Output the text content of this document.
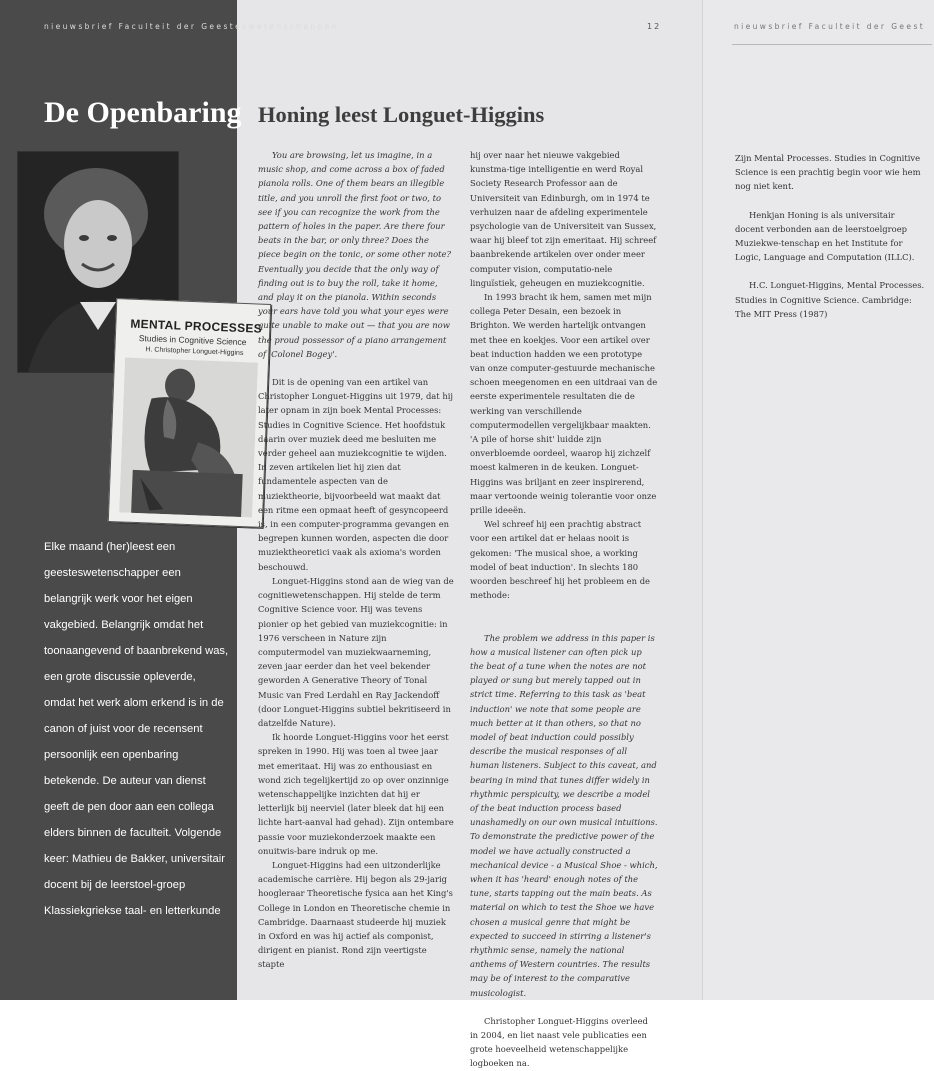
nieuwsbrief Faculteit der Geesteswetenschappen	12	nieuwsbrief Faculteit der Geest
De Openbaring Honing leest Longuet-Higgins
MENTAL PROCESSES
Studies in Cognitive Science
H. Christopher Longuet-Higgins

Elke maand (her)leest een geesteswetenschapper een belangrijk werk voor het eigen vakgebied. Belangrijk omdat het toonaangevend of baanbrekend was, een grote discussie opleverde, omdat het werk alom erkend is in de canon of juist voor de recensent persoonlijk een openbaring betekende. De auteur van dienst geeft de pen door aan een collega elders binnen de faculteit. Volgende keer: Mathieu de Bakker, universitair docent bij de leerstoel-groep Klassiekgriekse taal- en letterkunde

You are browsing, let us imagine, in a music shop, and come across a box of faded pianola rolls. One of them bears an illegible title, and you unroll the first foot or two, to see if you can recognize the work from the pattern of holes in the paper. Are there four beats in the bar, or only three? Does the piece begin on the tonic, or some other note? Eventually you decide that the only way of finding out is to buy the roll, take it home, and play it on the pianola. Within seconds your ears have told you what your eyes were quite unable to make out — that you are now the proud possessor of a piano arrangement of 'Colonel Bogey'.

Dit is de opening van een artikel van Christopher Longuet-Higgins uit 1979, dat hij later opnam in zijn boek Mental Processes: Studies in Cognitive Science. Het hoofdstuk daarin over muziek deed me besluiten me verder geheel aan muziekcognitie te wijden. In zeven artikelen liet hij zien dat fundamentele aspecten van de muziektheorie, bijvoorbeeld wat maakt dat een ritme een opmaat heeft of gesyncopeerd is, in een computer-programma gevangen en begrepen kunnen worden, aspecten die door muziektheoretici vaak als axioma's worden beschouwd.

Longuet-Higgins stond aan de wieg van de cognitiewetenschappen. Hij stelde de term Cognitive Science voor. Hij was tevens pionier op het gebied van muziekcognitie: in 1976 verscheen in Nature zijn computermodel van muziekwaarneming, zeven jaar eerder dan het veel bekender geworden A Generative Theory of Tonal Music van Fred Lerdahl en Ray Jackendoff (door Longuet-Higgins subtiel bekritiseerd in datzelfde Nature).

Ik hoorde Longuet-Higgins voor het eerst spreken in 1990. Hij was toen al twee jaar met emeritaat. Hij was zo enthousiast en wond zich tegelijkertijd zo op over onzinnige wetenschappelijke inzichten dat hij er letterlijk bij neerviel (later bleek dat hij een lichte hart-aanval had gehad). Zijn ontembare passie voor muziekonderzoek maakte een onuitwis-bare indruk op me.

Longuet-Higgins had een uitzonderlijke academische carrière. Hij begon als 29-jarig hoogleraar Theoretische fysica aan het King's College in London en Theoretische chemie in Cambridge. Daarnaast studeerde hij muziek in Oxford en was hij actief als componist, dirigent en pianist. Rond zijn veertigste stapte

hij over naar het nieuwe vakgebied kunstma-tige intelligentie en werd Royal Society Research Professor aan de Universiteit van Edinburgh, om in 1974 te verhuizen naar de afdeling experimentele psychologie van de Universiteit van Sussex, waar hij bleef tot zijn emeritaat. Hij schreef baanbrekende artikelen over onder meer computer vision, computatio-nele linguïstiek, geheugen en muziekcognitie.

In 1993 bracht ik hem, samen met mijn collega Peter Desain, een bezoek in Brighton. We werden hartelijk ontvangen met thee en koekjes. Voor een artikel over beat induction hadden we een prototype van onze computer-gestuurde mechanische schoen meegenomen en een uitdraai van de eerste experimentele resultaten die de werking van verschillende computermodellen vergelijkbaar maakten. 'A pile of horse shit' luidde zijn onverbloemde oordeel, waarop hij zichzelf moest kalmeren in de keuken. Longuet-Higgins was briljant en zeer inspirerend, maar vertoonde weinig tolerantie voor onze prille ideeën.

Wel schreef hij een prachtig abstract voor een artikel dat er helaas nooit is gekomen: 'The musical shoe, a working model of beat induction'. In slechts 180 woorden beschreef hij het probleem en de methode:

The problem we address in this paper is how a musical listener can often pick up the beat of a tune when the notes are not played or sung but merely tapped out in strict time. Referring to this task as 'beat induction' we note that some people are much better at it than others, so that no model of beat induction could possibly describe the musical responses of all human listeners. Subject to this caveat, and bearing in mind that tunes differ widely in rhythmic perspicuity, we describe a model of the beat induction process based unashamedly on our own musical intuitions. To demonstrate the predictive power of the model we have actually constructed a mechanical device - a Musical Shoe - which, when it has 'heard' enough notes of the tune, starts tapping out the main beats. As material on which to test the Shoe we have chosen a musical genre that might be expected to succeed in stirring a listener's rhythmic sense, namely the national anthems of Western countries. The results may be of interest to the comparative musicologist.

Christopher Longuet-Higgins overleed in 2004, en liet naast vele publicaties een grote hoeveelheid wetenschappelijke logboeken na.

Zijn Mental Processes. Studies in Cognitive Science is een prachtig begin voor wie hem nog niet kent.

Henkjan Honing is als universitair docent verbonden aan de leerstoelgroep Muziekwe-tenschap en het Institute for Logic, Language and Computation (ILLC).

H.C. Longuet-Higgins, Mental Processes. Studies in Cognitive Science. Cambridge: The MIT Press (1987)
